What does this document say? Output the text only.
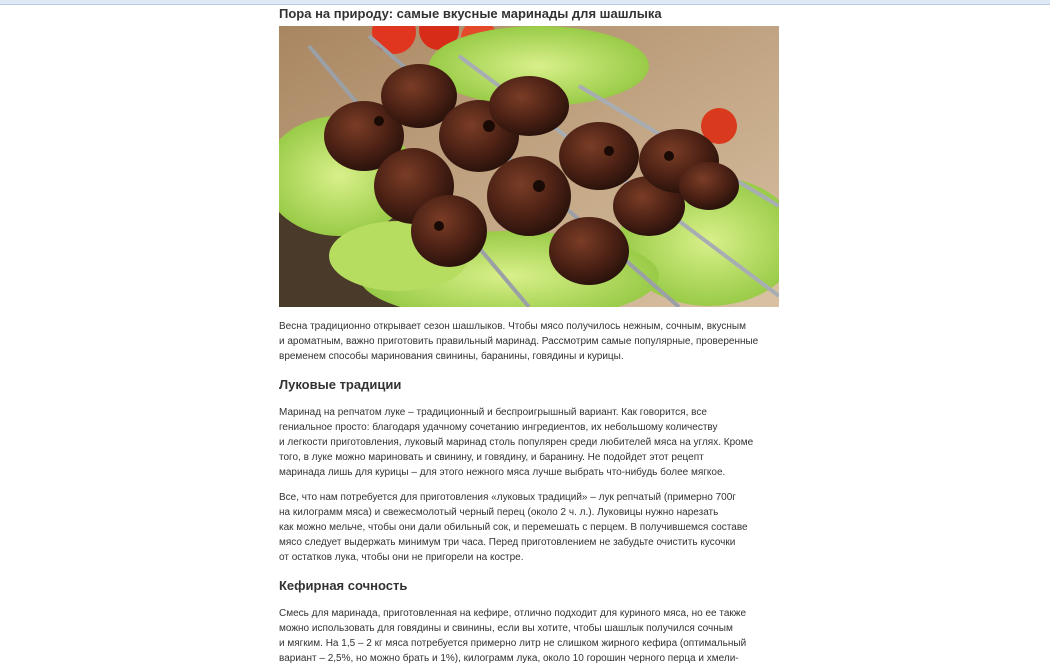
Пора на природу: самые вкусные маринады для шашлыка

Весна традиционно открывает сезон шашлыков. Чтобы мясо получилось нежным, сочным, вкусным
и ароматным, важно приготовить правильный маринад. Рассмотрим самые популярные, проверенные
временем способы маринования свинины, баранины, говядины и курицы.

Луковые традиции

Маринад на репчатом луке – традиционный и беспроигрышный вариант. Как говорится, все
гениальное просто: благодаря удачному сочетанию ингредиентов, их небольшому количеству
и легкости приготовления, луковый маринад столь популярен среди любителей мяса на углях. Кроме
того, в луке можно мариновать и свинину, и говядину, и баранину. Не подойдет этот рецепт
маринада лишь для курицы – для этого нежного мяса лучше выбрать что-нибудь более мягкое.

Все, что нам потребуется для приготовления «луковых традиций» – лук репчатый (примерно 700г
на килограмм мяса) и свежесмолотый черный перец (около 2 ч. л.). Луковицы нужно нарезать
как можно мельче, чтобы они дали обильный сок, и перемешать с перцем. В получившемся составе
мясо следует выдержать минимум три часа. Перед приготовлением не забудьте очистить кусочки
от остатков лука, чтобы они не пригорели на костре.

Кефирная сочность

Смесь для маринада, приготовленная на кефире, отлично подходит для куриного мяса, но ее также
можно использовать для говядины и свинины, если вы хотите, чтобы шашлык получился сочным
и мягким. На 1,5 – 2 кг мяса потребуется примерно литр не слишком жирного кефира (оптимальный
вариант – 2,5%, но можно брать и 1%), килограмм лука, около 10 горошин черного перца и хмели-
